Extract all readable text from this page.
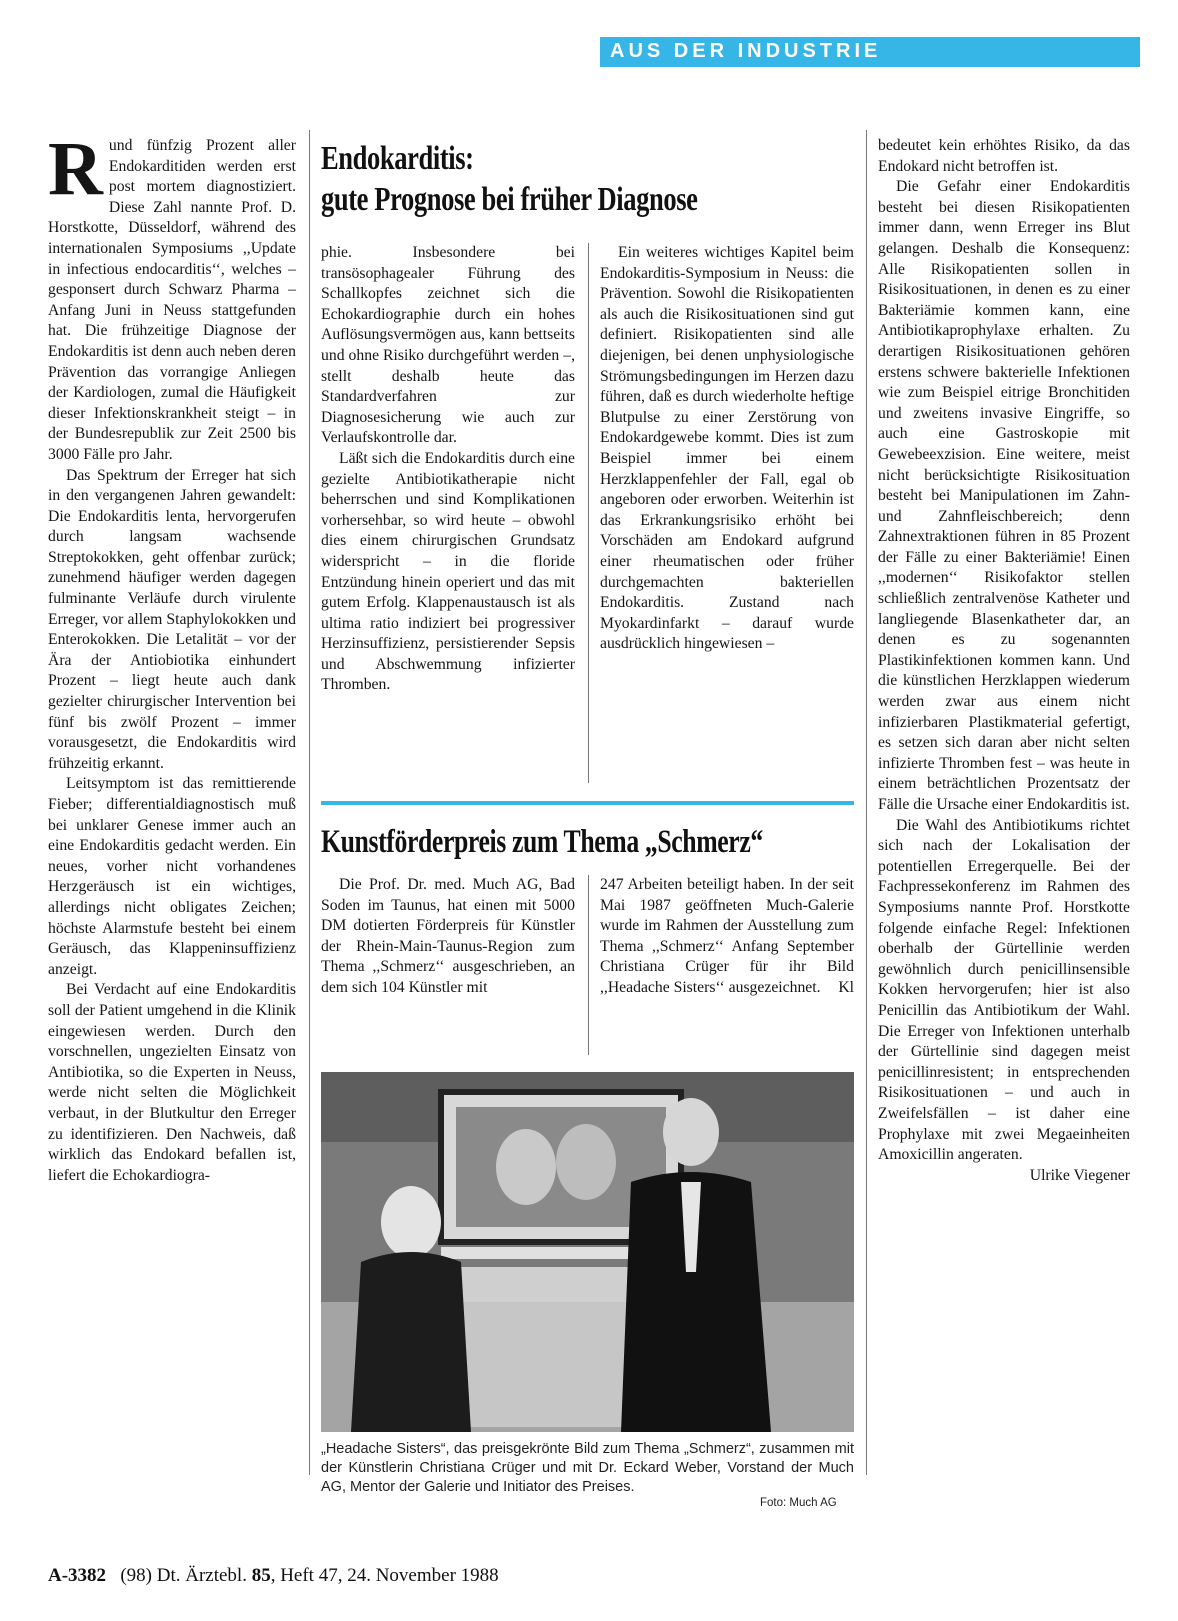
AUS DER INDUSTRIE
Endokarditis:
gute Prognose bei früher Diagnose

Rund fünfzig Prozent aller Endokarditiden werden erst post mortem diagnostiziert. Diese Zahl nannte Prof. D. Horstkotte, Düsseldorf, während des internationalen Symposiums ,,Update in infectious endocarditis‘‘, welches – gesponsert durch Schwarz Pharma – Anfang Juni in Neuss stattgefunden hat. Die frühzeitige Diagnose der Endokarditis ist denn auch neben deren Prävention das vorrangige Anliegen der Kardiologen, zumal die Häufigkeit dieser Infektionskrankheit steigt – in der Bundesrepublik zur Zeit 2500 bis 3000 Fälle pro Jahr.

Das Spektrum der Erreger hat sich in den vergangenen Jahren gewandelt: Die Endokarditis lenta, hervorgerufen durch langsam wachsende Streptokokken, geht offenbar zurück; zunehmend häufiger werden dagegen fulminante Verläufe durch virulente Erreger, vor allem Staphylokokken und Enterokokken. Die Letalität – vor der Ära der Antiobiotika einhundert Prozent – liegt heute auch dank gezielter chirurgischer Intervention bei fünf bis zwölf Prozent – immer vorausgesetzt, die Endokarditis wird frühzeitig erkannt.

Leitsymptom ist das remittierende Fieber; differentialdiagnostisch muß bei unklarer Genese immer auch an eine Endokarditis gedacht werden. Ein neues, vorher nicht vorhandenes Herzgeräusch ist ein wichtiges, allerdings nicht obligates Zeichen; höchste Alarmstufe besteht bei einem Geräusch, das Klappeninsuffizienz anzeigt.

Bei Verdacht auf eine Endokarditis soll der Patient umgehend in die Klinik eingewiesen werden. Durch den vorschnellen, ungezielten Einsatz von Antibiotika, so die Experten in Neuss, werde nicht selten die Möglichkeit verbaut, in der Blutkultur den Erreger zu identifizieren. Den Nachweis, daß wirklich das Endokard befallen ist, liefert die Echokardiogra-

phie. Insbesondere bei transösophagealer Führung des Schallkopfes zeichnet sich die Echokardiographie durch ein hohes Auflösungsvermögen aus, kann bettseits und ohne Risiko durchgeführt werden –, stellt deshalb heute das Standardverfahren zur Diagnosesicherung wie auch zur Verlaufskontrolle dar.

Läßt sich die Endokarditis durch eine gezielte Antibiotikatherapie nicht beherrschen und sind Komplikationen vorhersehbar, so wird heute – obwohl dies einem chirurgischen Grundsatz widerspricht – in die floride Entzündung hinein operiert und das mit gutem Erfolg. Klappenaustausch ist als ultima ratio indiziert bei progressiver Herzinsuffizienz, persistierender Sepsis und Abschwemmung infizierter Thromben.

Ein weiteres wichtiges Kapitel beim Endokarditis-Symposium in Neuss: die Prävention. Sowohl die Risikopatienten als auch die Risikosituationen sind gut definiert. Risikopatienten sind alle diejenigen, bei denen unphysiologische Strömungsbedingungen im Herzen dazu führen, daß es durch wiederholte heftige Blutpulse zu einer Zerstörung von Endokardgewebe kommt. Dies ist zum Beispiel immer bei einem Herzklappenfehler der Fall, egal ob angeboren oder erworben. Weiterhin ist das Erkrankungsrisiko erhöht bei Vorschäden am Endokard aufgrund einer rheumatischen oder früher durchgemachten bakteriellen Endokarditis. Zustand nach Myokardinfarkt – darauf wurde ausdrücklich hingewiesen –

bedeutet kein erhöhtes Risiko, da das Endokard nicht betroffen ist.

Die Gefahr einer Endokarditis besteht bei diesen Risikopatienten immer dann, wenn Erreger ins Blut gelangen. Deshalb die Konsequenz: Alle Risikopatienten sollen in Risikosituationen, in denen es zu einer Bakteriämie kommen kann, eine Antibiotikaprophylaxe erhalten. Zu derartigen Risikosituationen gehören erstens schwere bakterielle Infektionen wie zum Beispiel eitrige Bronchitiden und zweitens invasive Eingriffe, so auch eine Gastroskopie mit Gewebeexzision. Eine weitere, meist nicht berücksichtigte Risikosituation besteht bei Manipulationen im Zahn- und Zahnfleischbereich; denn Zahnextraktionen führen in 85 Prozent der Fälle zu einer Bakteriämie! Einen ,,modernen‘‘ Risikofaktor stellen schließlich zentralvenöse Katheter und langliegende Blasenkatheter dar, an denen es zu sogenannten Plastikinfektionen kommen kann. Und die künstlichen Herzklappen wiederum werden zwar aus einem nicht infizierbaren Plastikmaterial gefertigt, es setzen sich daran aber nicht selten infizierte Thromben fest – was heute in einem beträchtlichen Prozentsatz der Fälle die Ursache einer Endokarditis ist.

Die Wahl des Antibiotikums richtet sich nach der Lokalisation der potentiellen Erregerquelle. Bei der Fachpressekonferenz im Rahmen des Symposiums nannte Prof. Horstkotte folgende einfache Regel: Infektionen oberhalb der Gürtellinie werden gewöhnlich durch penicillinsensible Kokken hervorgerufen; hier ist also Penicillin das Antibiotikum der Wahl. Die Erreger von Infektionen unterhalb der Gürtellinie sind dagegen meist penicillinresistent; in entsprechenden Risikosituationen – und auch in Zweifelsfällen – ist daher eine Prophylaxe mit zwei Megaeinheiten Amoxicillin angeraten.
Ulrike Viegener

Kunstförderpreis zum Thema „Schmerz“

Die Prof. Dr. med. Much AG, Bad Soden im Taunus, hat einen mit 5000 DM dotierten Förderpreis für Künstler der Rhein-Main-Taunus-Region zum Thema ,,Schmerz‘‘ ausgeschrieben, an dem sich 104 Künstler mit

247 Arbeiten beteiligt haben. In der seit Mai 1987 geöffneten Much-Galerie wurde im Rahmen der Ausstellung zum Thema ,,Schmerz‘‘ Anfang September Christiana Crüger für ihr Bild ,,Headache Sisters‘‘ ausgezeichnet. Kl

„Headache Sisters“, das preisgekrönte Bild zum Thema „Schmerz“, zusammen mit der Künstlerin Christiana Crüger und mit Dr. Eckard Weber, Vorstand der Much AG, Mentor der Galerie und Initiator des Preises.
Foto: Much AG
A-3382 (98) Dt. Ärztebl. 85, Heft 47, 24. November 1988
